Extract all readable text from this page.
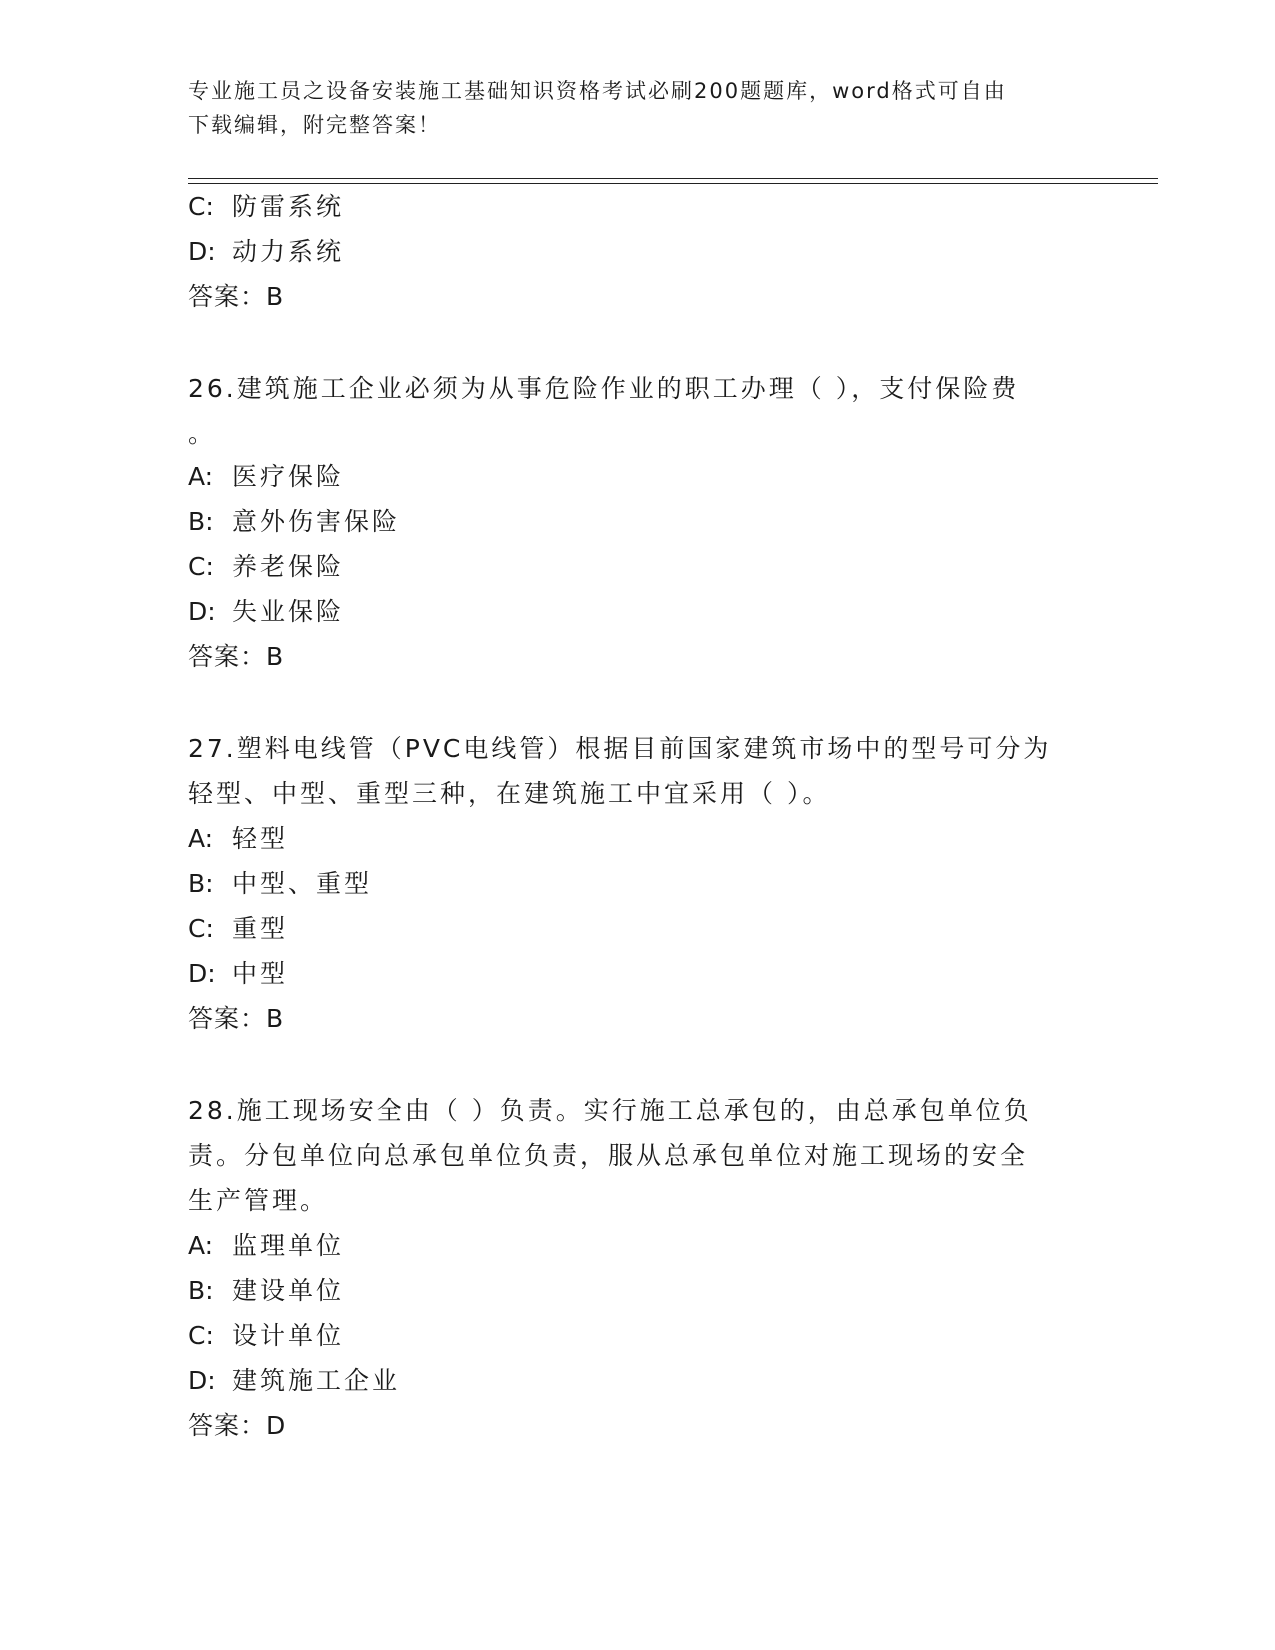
专业施工员之设备安装施工基础知识资格考试必刷200题题库，word格式可自由
下载编辑，附完整答案！
C: 防雷系统
D: 动力系统
答案：B
26.建筑施工企业必须为从事危险作业的职工办理（ ），支付保险费
。
A: 医疗保险
B: 意外伤害保险
C: 养老保险
D: 失业保险
答案：B
27.塑料电线管（PVC电线管）根据目前国家建筑市场中的型号可分为
轻型、中型、重型三种，在建筑施工中宜采用（ ）。
A: 轻型
B: 中型、重型
C: 重型
D: 中型
答案：B
28.施工现场安全由（ ）负责。实行施工总承包的，由总承包单位负
责。分包单位向总承包单位负责，服从总承包单位对施工现场的安全
生产管理。
A: 监理单位
B: 建设单位
C: 设计单位
D: 建筑施工企业
答案：D
